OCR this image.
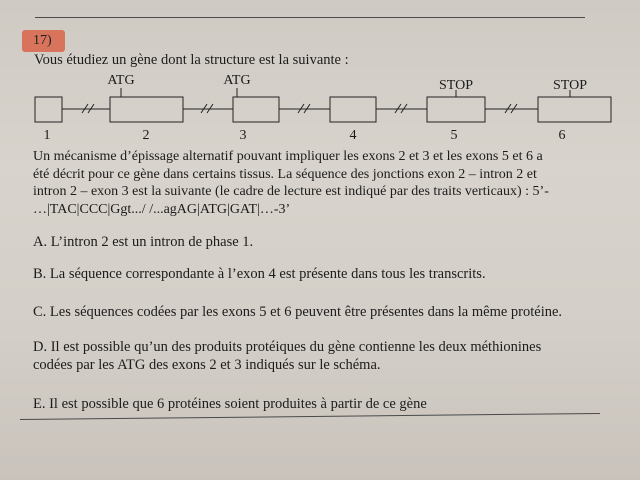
17)
Vous étudiez un gène dont la structure est la suivante :
ATG	ATG	STOP	STOP
1	2	3	4	5	6

Un mécanisme d’épissage alternatif pouvant impliquer les exons 2 et 3 et les exons 5 et 6 a

été décrit pour ce gène dans certains tissus. La séquence des jonctions exon 2 – intron 2 et

intron 2 – exon 3 est la suivante (le cadre de lecture est indiqué par des traits verticaux) : 5’-

…|TAC|CCC|Ggt.../ /...agAG|ATG|GAT|…-3’

A. L’intron 2 est un intron de phase 1.
B. La séquence correspondante à l’exon 4 est présente dans tous les transcrits.
C. Les séquences codées par les exons 5 et 6 peuvent être présentes dans la même protéine.
D. Il est possible qu’un des produits protéiques du gène contienne les deux méthionines
codées par les ATG des exons 2 et 3 indiqués sur le schéma.
E. Il est possible que 6 protéines soient produites à partir de ce gène
